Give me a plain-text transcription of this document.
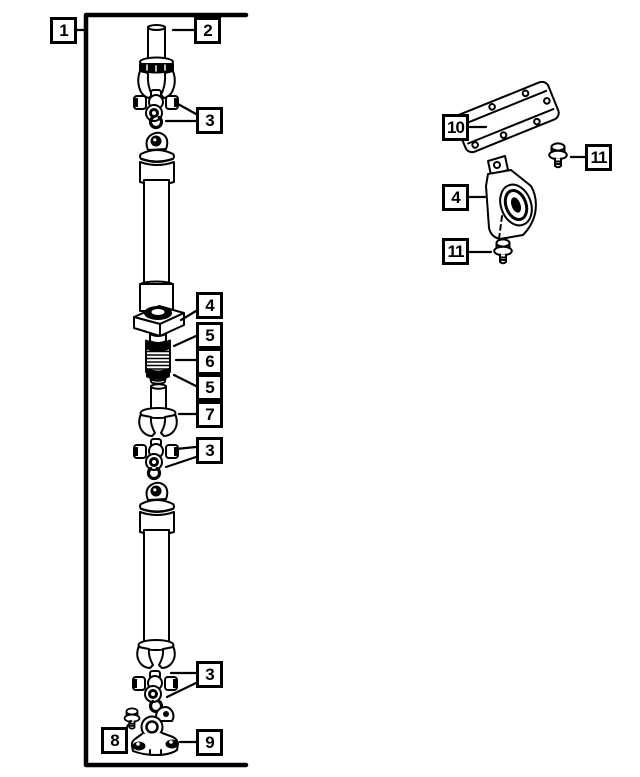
1	2
3
4
5
6
5
7
3
3
8	9
10
11
4
11
